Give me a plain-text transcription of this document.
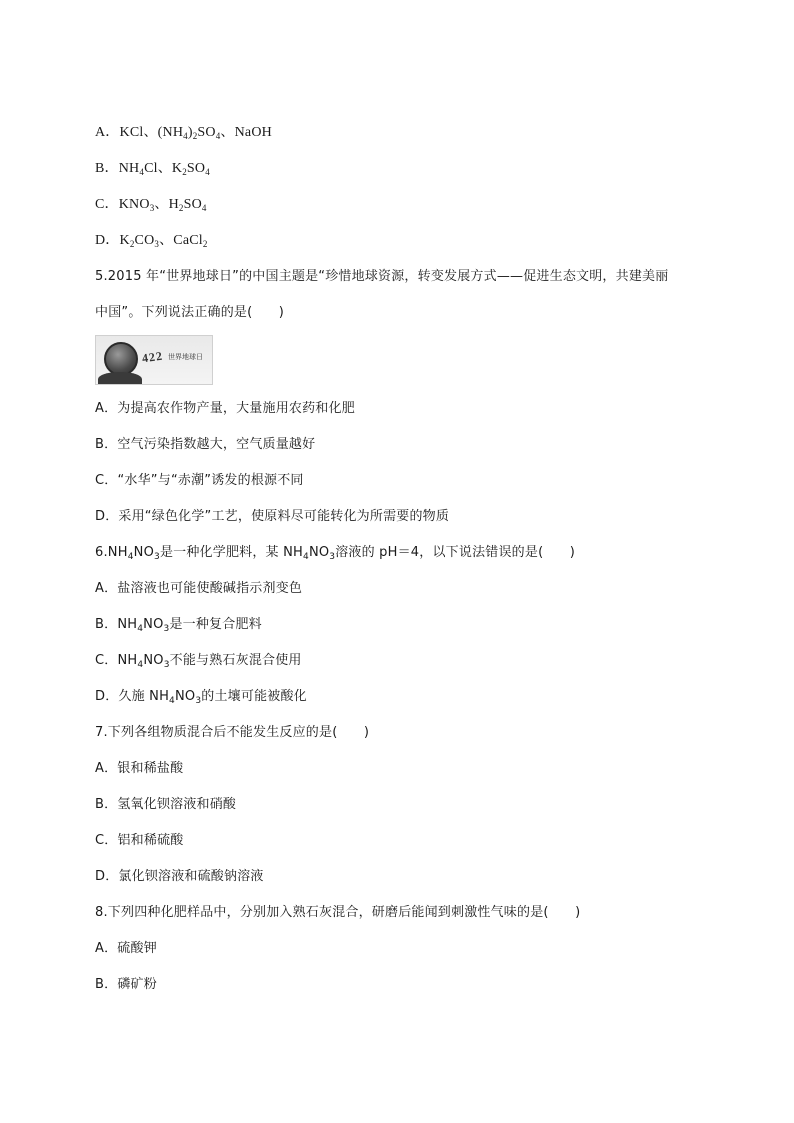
A．KCl、$(NH_4)_2SO_4$、NaOH
B．$NH_4Cl$、$K_2SO_4$
C．$KNO_3$、$H_2SO_4$
D．$K_2CO_3$、CaCl$_2$
5.2015 年“世界地球日”的中国主题是“珍惜地球资源，转变发展方式——促进生态文明，共建美丽
中国”。下列说法正确的是(　　)
422 世界地球日
A．为提高农作物产量，大量施用农药和化肥
B．空气污染指数越大，空气质量越好
C．“水华”与“赤潮”诱发的根源不同
D．采用“绿色化学”工艺，使原料尽可能转化为所需要的物质
$6.NH_4NO_3$是一种化学肥料，某 $NH_4NO_3$溶液的 pH＝4，以下说法错误的是(　　)
A．盐溶液也可能使酸碱指示剂变色
B．$NH_4NO_3$是一种复合肥料
C．$NH_4NO_3$不能与熟石灰混合使用
D．久施 $NH_4NO_3$的土壤可能被酸化
7.下列各组物质混合后不能发生反应的是(　　)
A．银和稀盐酸
B．氢氧化钡溶液和硝酸
C．铝和稀硫酸
D．氯化钡溶液和硫酸钠溶液
8.下列四种化肥样品中，分别加入熟石灰混合，研磨后能闻到刺激性气味的是(　　)
A．硫酸钾
B．磷矿粉
